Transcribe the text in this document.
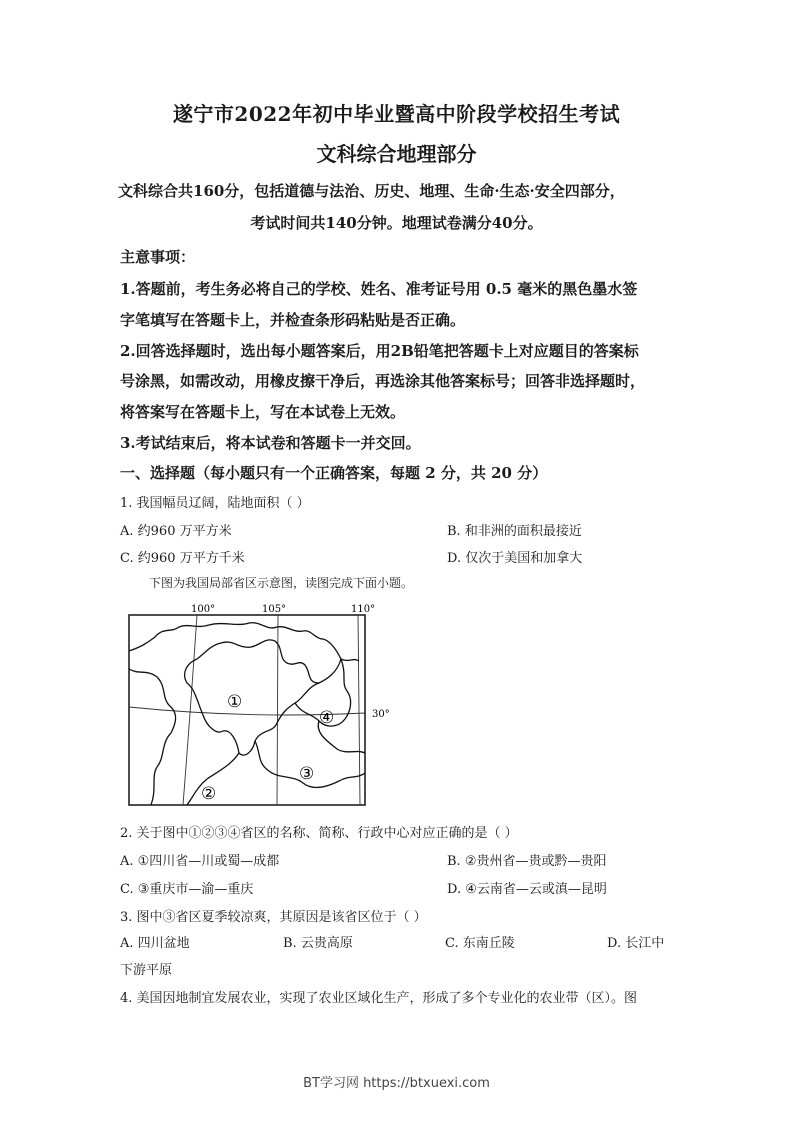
遂宁市2022年初中毕业暨高中阶段学校招生考试
文科综合地理部分
文科综合共160分，包括道德与法治、历史、地理、生命·生态·安全四部分，
考试时间共140分钟。地理试卷满分40分。
主意事项：
1.答题前，考生务必将自己的学校、姓名、准考证号用 0.5 毫米的黑色墨水签
字笔填写在答题卡上，并检查条形码粘贴是否正确。
2.回答选择题时，选出每小题答案后，用2B铅笔把答题卡上对应题目的答案标
号涂黑，如需改动，用橡皮擦干净后，再选涂其他答案标号；回答非选择题时，
将答案写在答题卡上，写在本试卷上无效。
3.考试结束后，将本试卷和答题卡一并交回。
一、选择题（每小题只有一个正确答案，每题 2 分，共 20 分）
1. 我国幅员辽阔，陆地面积（ ）
A. 约960 万平方米	B. 和非洲的面积最接近
C. 约960 万平方千米	D. 仅次于美国和加拿大
下图为我国局部省区示意图，读图完成下面小题。
100°	105°	110°
30°
①
②
③
④
2. 关于图中①②③④省区的名称、简称、行政中心对应正确的是（ ）
A. ①四川省—川或蜀—成都	B. ②贵州省—贵或黔—贵阳
C. ③重庆市—渝—重庆	D. ④云南省—云或滇—昆明
3. 图中③省区夏季较凉爽，其原因是该省区位于（ ）
A. 四川盆地	B. 云贵高原	C. 东南丘陵	D. 长江中
下游平原
4. 美国因地制宜发展农业，实现了农业区域化生产，形成了多个专业化的农业带（区）。图
BT学习网 https://btxuexi.com
